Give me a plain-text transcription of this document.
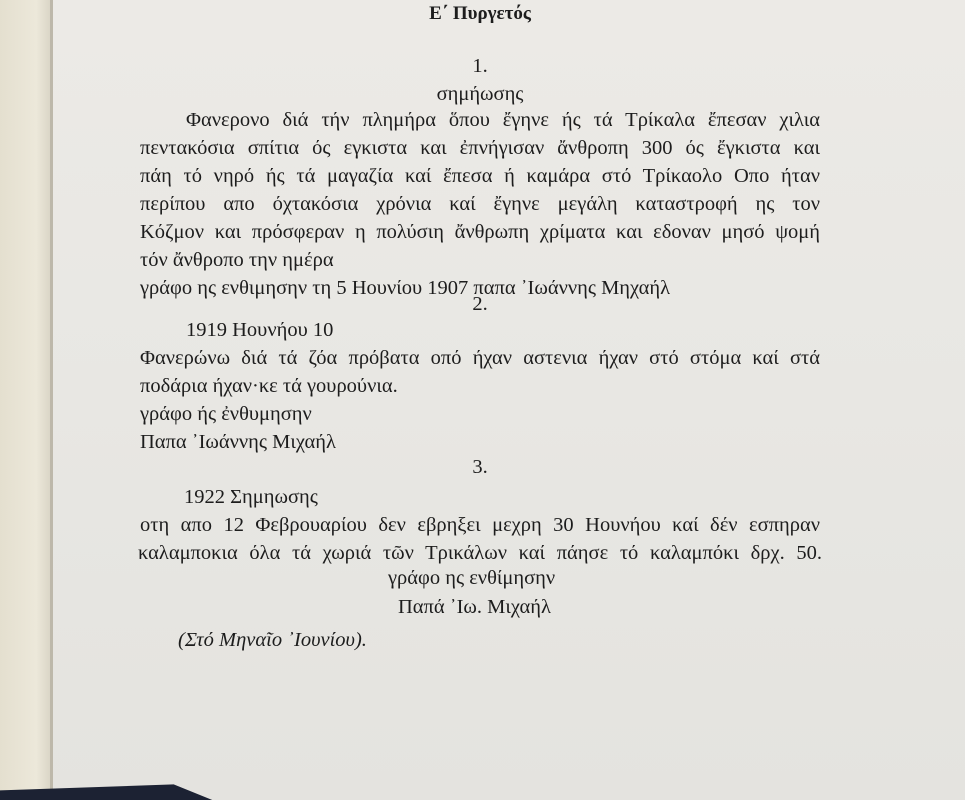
Ε΄ Πυργετός
1.
σημήωσης
Φανερονο διά τήν πλημήρα ὅπου ἔγηνε ής τά Τρίκαλα ἔπεσαν χιλια
πεντακόσια σπίτια ός εγκιστα και ἐπνήγισαν ἄνθροπη 300 ός ἔγκιστα και
πάη τό νηρό ής τά μαγαζία καί ἔπεσα ή καμάρα στό Τρίκαολο Οπο ήταν
περίπου απο όχτακόσια χρόνια καί ἔγηνε μεγάλη καταστροφή ης τον
Κόζμον και πρόσφεραν η πολύσιη ἄνθρωπη χρίματα και εδοναν μησό ψομή
τόν ἄνθροπο την ημέρα
γράφο ης ενθιμησην τη 5 Ηουνίου 1907 παπα ᾿Ιωάννης Μηχαήλ
2.
1919 Ηουνήου 10
Φανερώνω διά τά ζόα πρόβατα οπό ήχαν αστενια ήχαν στό στόμα καί στά
ποδάρια ήχαν·κε τά γουρούνια.
γράφο ής ἐνθυμησην
Παπα ᾿Ιωάννης Μιχαήλ
3.
1922 Σημηωσης
οτη απο 12 Φεβρουαρίου δεν εβρηξει μεχρη 30 Ηουνήου καί δέν εσπηραν
καλαμποκια όλα τά χωριά τῶν Τρικάλων καί πάησε τό καλαμπόκι δρχ. 50.
γράφο ης ενθίμησην
Παπά ᾿Ιω. Μιχαήλ
(Στό Μηναῖο ᾿Ιουνίου).
